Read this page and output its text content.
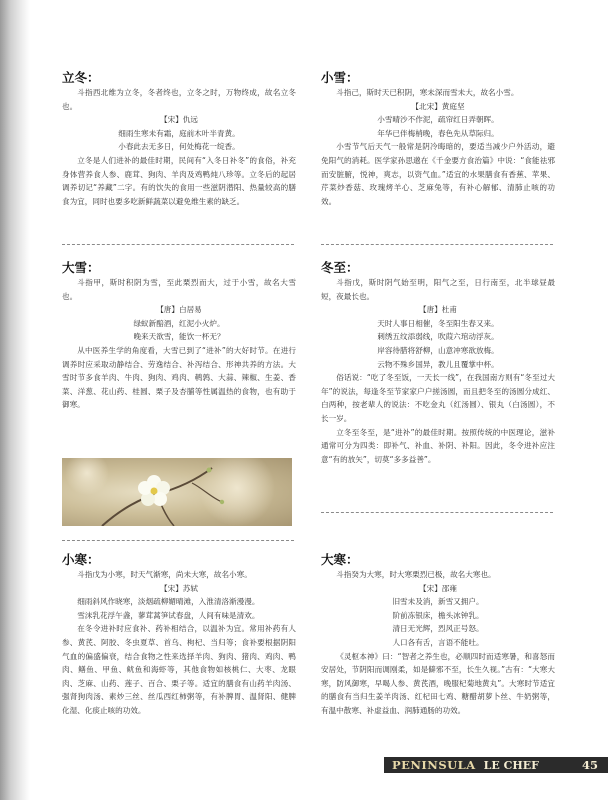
立冬：

斗指西北维为立冬，冬者终也，立冬之时，万物终成，故名立冬也。

【宋】仇远

细雨生寒未有霜，庭前木叶半青黄。

小春此去无多日，何处梅花一绽香。

立冬是人们进补的最佳时期，民间有“入冬日补冬”的食俗，补充身体营养食人参、鹿茸、狗肉、羊肉及鸡鸭炖八珍等。立冬后的起居调养切记“养藏”二字。有的饮失的食用一些滋阴潜阳、热量较高的膳食为宜，同时也要多吃新鲜蔬菜以避免维生素的缺乏。

小雪：

斗指己，斯时天已积阴，寒未深而雪未大，故名小雪。

【北宋】黄庭坚

小雪晴沙不作泥，疏帘红日弄朝晖。

年华已伴梅梢晚，春色先从草际归。

小雪节气后天气一般常是阴冷晦暗的，要适当减少户外活动，避免阳气的消耗。医学家孙思邈在《千金要方食治篇》中说：“食能祛邪而安脏腑，悦神，爽志，以资气血。”适宜的水果膳食有香蕉、苹果、芹菜炒香菇、玫瑰烤羊心、芝麻兔等，有补心解郁、清肺止咳的功效。

大雪：

斗指甲，斯时积阴为雪，至此栗烈而大，过于小雪，故名大雪也。

【唐】白居易

绿蚁新醅酒，红泥小火炉。

晚来天欲雪，能饮一杯无？

从中医养生学的角度看，大雪已到了“进补”的大好时节。在进行调养时应采取动静结合、劳逸结合、补泻结合、形神共养的方法。大雪时节多食羊肉、牛肉、狗肉、鸡肉、鹌鹑、大蒜、辣椒、生姜、香菜、洋葱、花山药、桂圆、栗子及杏脯等性属温热的食物，也有助于御寒。

冬至：

斗指戊，斯时阴气始至明，阳气之至，日行南至，北半球昼最短，夜最长也。

【唐】杜甫

天时人事日相催，冬至阳生春又来。

刺绣五纹添弱线，吹葭六琯动浮灰。

岸容待腊将舒柳，山意冲寒欲放梅。

云物不殊乡国异，教儿且覆掌中杯。

俗话说：“吃了冬至饭，一天长一线”，在我国南方则有“冬至过大年”的说法，每逢冬至节家家户户搓汤圆，而且把冬至的汤圆分成红、白两种，按老辈人的说法：不吃金丸（红汤圆）、银丸（白汤圆），不长一岁。

立冬至冬至，是“进补”的最佳时期。按照传统的中医理论，滋补通常可分为四类：即补气、补血、补阴、补阳。因此，冬令进补应注意“有的放矢”，切莫“多多益善”。

小寒：

斗指戊为小寒，时天气渐寒，尚未大寒，故名小寒。

【宋】苏轼

细雨斜风作晓寒，淡烟疏柳媚晴滩，入淮清洛渐漫漫。

雪沫乳花浮午盏，蓼茸蒿笋试春盘，人间有味是清欢。

在冬令进补时应食补、药补相结合，以温补为宜。常用补药有人参、黄芪、阿胶、冬虫夏草、首乌、枸杞、当归等；食补要根据阴阳气血的偏盛偏衰，结合食物之性来选择羊肉、狗肉、猪肉、鸡肉、鸭肉、鳝鱼、甲鱼、鱿鱼和海虾等，其他食物如核桃仁、大枣、龙眼肉、芝麻、山药、莲子、百合、栗子等。适宜的膳食有山药羊肉汤、强肾狗肉汤、素炒三丝、丝瓜西红柿粥等，有补脾胃、温肾阳、健脾化湿、化痰止咳的功效。

大寒：

斗指癸为大寒，时大寒栗烈已极，故名大寒也。

【宋】邵雍

旧雪未及消，新雪又拥户。

阶前冻银床，檐头冰钟乳。

清日无光辉，烈风正号怒。

人口各有舌，言语不能吐。

《灵枢本神》曰：“智者之养生也，必顺四时而适寒暑，和喜怒而安居处，节阴阳而调刚柔，如是僻邪不至，长生久视。”古有：“大寒大寒，防风御寒，早喝人参、黄芪酒，晚服杞菊地黄丸”。大寒时节适宜的膳食有当归生姜羊肉汤、红杞田七鸡、糖醋胡萝卜丝、牛奶粥等，有温中散寒、补虚益血、润肺通肠的功效。

PENINSULA LE CHEF	45
